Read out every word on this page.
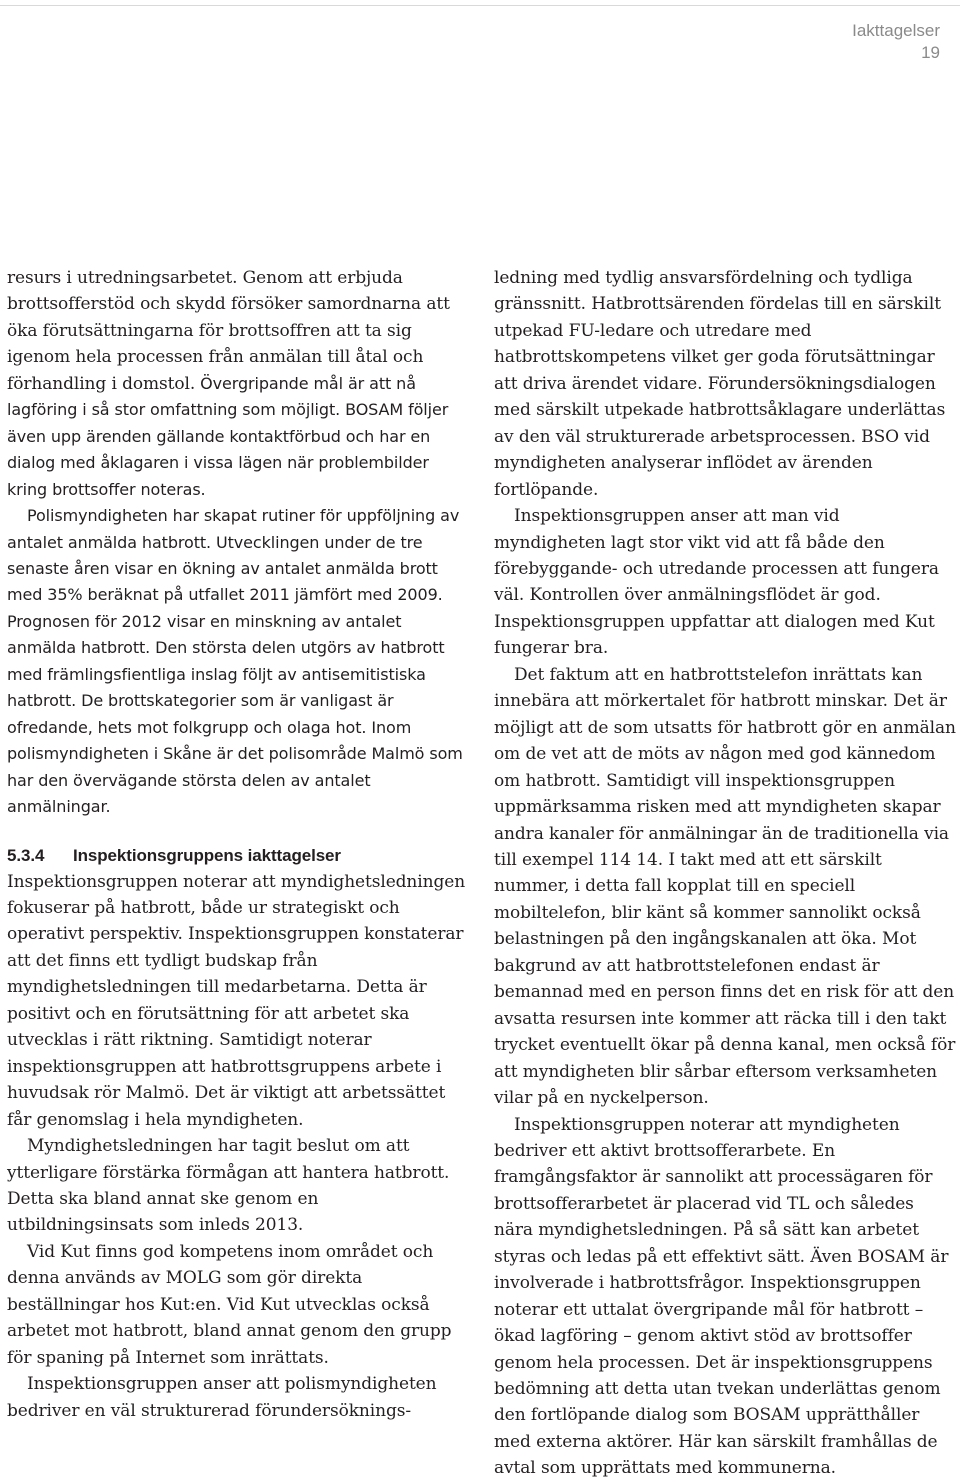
Iakttagelser
19

resurs i utredningsarbetet. Genom att erbjuda brottsofferstöd och skydd försöker samordnarna att öka förutsättningarna för brottsoffren att ta sig igenom hela processen från anmälan till åtal och förhandling i domstol. Övergripande mål är att nå lagföring i så stor omfattning som möjligt. BOSAM följer även upp ärenden gällande kontaktförbud och har en dialog med åklagaren i vissa lägen när problembilder kring brottsoffer noteras.

Polismyndigheten har skapat rutiner för uppföljning av antalet anmälda hatbrott. Utvecklingen under de tre senaste åren visar en ökning av antalet anmälda brott med 35% beräknat på utfallet 2011 jämfört med 2009. Prognosen för 2012 visar en minskning av antalet anmälda hatbrott. Den största delen utgörs av hatbrott med främlingsfientliga inslag följt av antisemitistiska hatbrott. De brottskategorier som är vanligast är ofredande, hets mot folkgrupp och olaga hot. Inom polismyndigheten i Skåne är det polisområde Malmö som har den övervägande största delen av antalet anmälningar.

5.3.4 Inspektionsgruppens iakttagelser

Inspektionsgruppen noterar att myndighetsledningen fokuserar på hatbrott, både ur strategiskt och operativt perspektiv. Inspektionsgruppen konstaterar att det finns ett tydligt budskap från myndighetsledningen till medarbetarna. Detta är positivt och en förutsättning för att arbetet ska utvecklas i rätt riktning. Samtidigt noterar inspektionsgruppen att hatbrottsgruppens arbete i huvudsak rör Malmö. Det är viktigt att arbetssättet får genomslag i hela myndigheten.

Myndighetsledningen har tagit beslut om att ytterligare förstärka förmågan att hantera hatbrott. Detta ska bland annat ske genom en utbildningsinsats som inleds 2013.

Vid Kut finns god kompetens inom området och denna används av MOLG som gör direkta beställningar hos Kut:en. Vid Kut utvecklas också arbetet mot hatbrott, bland annat genom den grupp för spaning på Internet som inrättats.

Inspektionsgruppen anser att polismyndigheten bedriver en väl strukturerad förundersöknings-

ledning med tydlig ansvarsfördelning och tydliga gränssnitt. Hatbrottsärenden fördelas till en särskilt utpekad FU-ledare och utredare med hatbrottskompetens vilket ger goda förutsättningar att driva ärendet vidare. Förundersökningsdialogen med särskilt utpekade hatbrottsåklagare underlättas av den väl strukturerade arbetsprocessen. BSO vid myndigheten analyserar inflödet av ärenden fortlöpande.

Inspektionsgruppen anser att man vid myndigheten lagt stor vikt vid att få både den förebyggande- och utredande processen att fungera väl. Kontrollen över anmälningsflödet är god. Inspektionsgruppen uppfattar att dialogen med Kut fungerar bra.

Det faktum att en hatbrottstelefon inrättats kan innebära att mörkertalet för hatbrott minskar. Det är möjligt att de som utsatts för hatbrott gör en anmälan om de vet att de möts av någon med god kännedom om hatbrott. Samtidigt vill inspektionsgruppen uppmärksamma risken med att myndigheten skapar andra kanaler för anmälningar än de traditionella via till exempel 114 14. I takt med att ett särskilt nummer, i detta fall kopplat till en speciell mobiltelefon, blir känt så kommer sannolikt också belastningen på den ingångskanalen att öka. Mot bakgrund av att hatbrottstelefonen endast är bemannad med en person finns det en risk för att den avsatta resursen inte kommer att räcka till i den takt trycket eventuellt ökar på denna kanal, men också för att myndigheten blir sårbar eftersom verksamheten vilar på en nyckelperson.

Inspektionsgruppen noterar att myndigheten bedriver ett aktivt brottsofferarbete. En framgångsfaktor är sannolikt att processägaren för brottsofferarbetet är placerad vid TL och således nära myndighetsledningen. På så sätt kan arbetet styras och ledas på ett effektivt sätt. Även BOSAM är involverade i hatbrottsfrågor. Inspektionsgruppen noterar ett uttalat övergripande mål för hatbrott – ökad lagföring – genom aktivt stöd av brottsoffer genom hela processen. Det är inspektionsgruppens bedömning att detta utan tvekan underlättas genom den fortlöpande dialog som BOSAM upprätthåller med externa aktörer. Här kan särskilt framhållas de avtal som upprättats med kommunerna.
